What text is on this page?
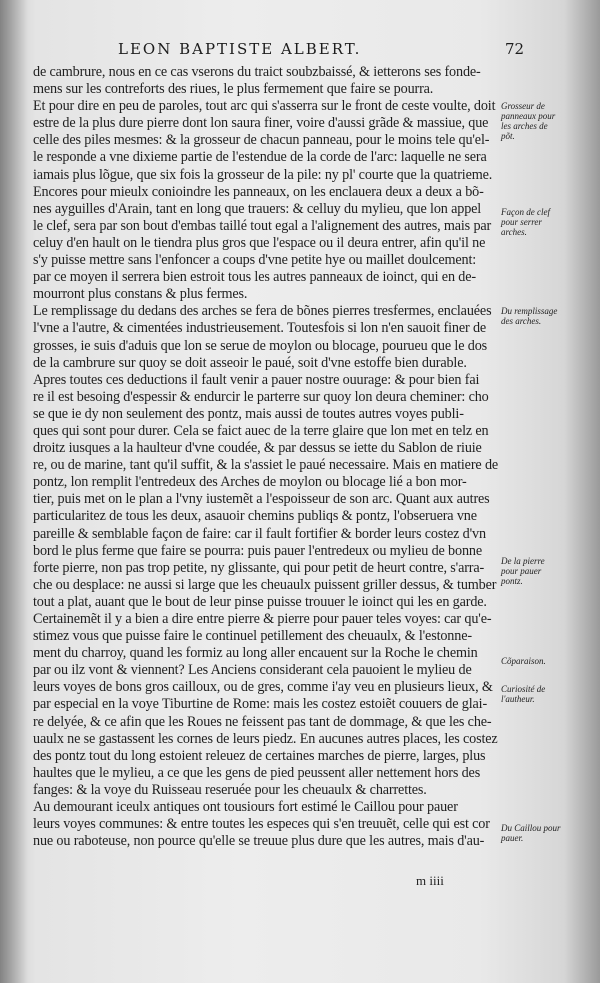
LEON BAPTISTE ALBERT.	72
de cambrure, nous en ce cas vserons du traict soubzbaissé, & ietterons ses fonde-
mens sur les contreforts des riues, le plus fermement que faire se pourra.
Et pour dire en peu de paroles, tout arc qui s'asserra sur le front de ceste voulte, doit
estre de la plus dure pierre dont lon saura finer, voire d'aussi grãde & massiue, que
celle des piles mesmes: & la grosseur de chacun panneau, pour le moins tele qu'el-
le responde a vne dixieme partie de l'estendue de la corde de l'arc: laquelle ne sera
iamais plus lõgue, que six fois la grosseur de la pile: ny pl' courte que la quatrieme.
Encores pour mieulx conioindre les panneaux, on les enclauera deux a deux a bõ-
nes ayguilles d'Arain, tant en long que trauers: & celluy du mylieu, que lon appel
le clef, sera par son bout d'embas taillé tout egal a l'alignement des autres, mais par
celuy d'en hault on le tiendra plus gros que l'espace ou il deura entrer, afin qu'il ne
s'y puisse mettre sans l'enfoncer a coups d'vne petite hye ou maillet doulcement:
par ce moyen il serrera bien estroit tous les autres panneaux de ioinct, qui en de-
mourront plus constans & plus fermes.
Le remplissage du dedans des arches se fera de bõnes pierres tresfermes, enclauées
l'vne a l'autre, & cimentées industrieusement. Toutesfois si lon n'en sauoit finer de
grosses, ie suis d'aduis que lon se serue de moylon ou blocage, pourueu que le dos
de la cambrure sur quoy se doit asseoir le paué, soit d'vne estoffe bien durable.
Apres toutes ces deductions il fault venir a pauer nostre ouurage: & pour bien fai
re il est besoing d'espessir & endurcir le parterre sur quoy lon deura cheminer: cho
se que ie dy non seulement des pontz, mais aussi de toutes autres voyes publi-
ques qui sont pour durer. Cela se faict auec de la terre glaire que lon met en telz en
droitz iusques a la haulteur d'vne coudée, & par dessus se iette du Sablon de riuie
re, ou de marine, tant qu'il suffit, & la s'assiet le paué necessaire. Mais en matiere de
pontz, lon remplit l'entredeux des Arches de moylon ou blocage lié a bon mor-
tier, puis met on le plan a l'vny iustemẽt a l'espoisseur de son arc. Quant aux autres
particularitez de tous les deux, asauoir chemins publiqs & pontz, l'obseruera vne
pareille & semblable façon de faire: car il fault fortifier & border leurs costez d'vn
bord le plus ferme que faire se pourra: puis pauer l'entredeux ou mylieu de bonne
forte pierre, non pas trop petite, ny glissante, qui pour petit de heurt contre, s'arra-
che ou desplace: ne aussi si large que les cheuaulx puissent griller dessus, & tumber
tout a plat, auant que le bout de leur pinse puisse trouuer le ioinct qui les en garde.
Certainemẽt il y a bien a dire entre pierre & pierre pour pauer teles voyes: car qu'e-
stimez vous que puisse faire le continuel petillement des cheuaulx, & l'estonne-
ment du charroy, quand les formiz au long aller encauent sur la Roche le chemin
par ou ilz vont & viennent? Les Anciens considerant cela pauoient le mylieu de
leurs voyes de bons gros cailloux, ou de gres, comme i'ay veu en plusieurs lieux, &
par especial en la voye Tiburtine de Rome: mais les costez estoiẽt couuers de glai-
re delyée, & ce afin que les Roues ne feissent pas tant de dommage, & que les che-
uaulx ne se gastassent les cornes de leurs piedz. En aucunes autres places, les costez
des pontz tout du long estoient releuez de certaines marches de pierre, larges, plus
haultes que le mylieu, a ce que les gens de pied peussent aller nettement hors des
fanges: & la voye du Ruisseau reseruée pour les cheuaulx & charrettes.
Au demourant iceulx antiques ont tousiours fort estimé le Caillou pour pauer
leurs voyes communes: & entre toutes les especes qui s'en treuuẽt, celle qui est cor
nue ou raboteuse, non pource qu'elle se treuue plus dure que les autres, mais d'au-
Grosseur de panneaux pour les arches de põt.
Façon de clef pour serrer arches.
Du remplissage des arches.
De la pierre pour pauer pontz.
Cõparaison.
Curiosité de l'autheur.
Du Caillou pour pauer.
m iiii
